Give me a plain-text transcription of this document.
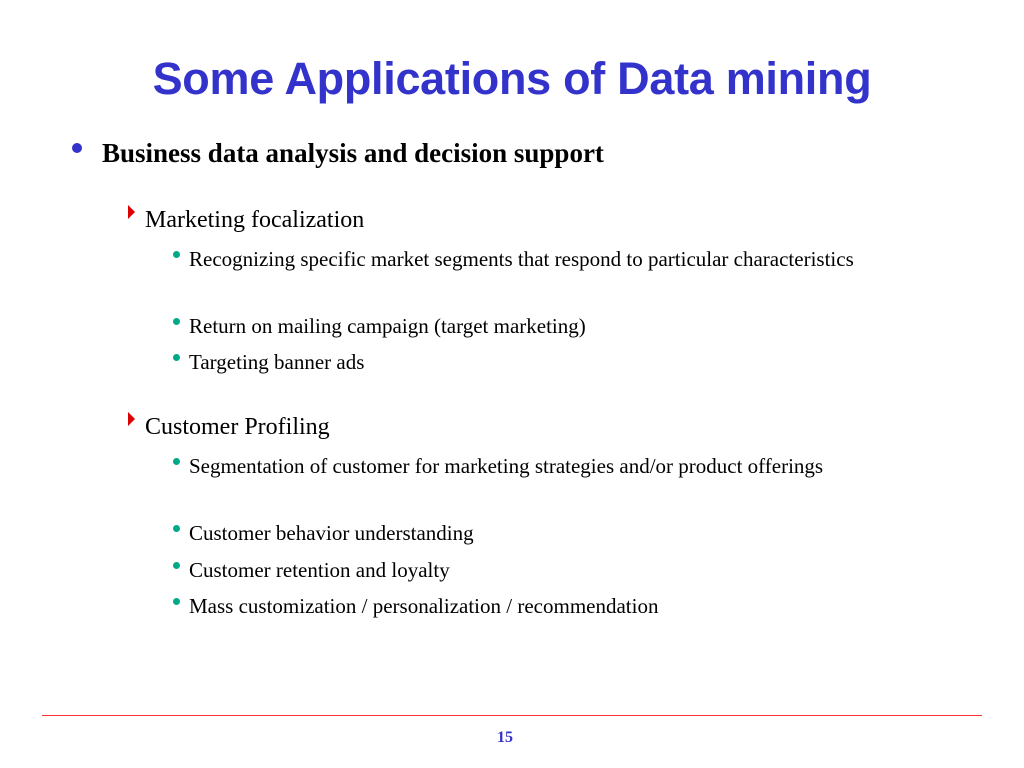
Some Applications of Data mining
Business data analysis and decision support
Marketing focalization
Recognizing specific market segments that respond to particular characteristics
Return on mailing campaign (target marketing)
Targeting banner ads
Customer Profiling
Segmentation of customer for marketing strategies and/or product offerings
Customer behavior understanding
Customer retention and loyalty
Mass customization / personalization / recommendation
15
